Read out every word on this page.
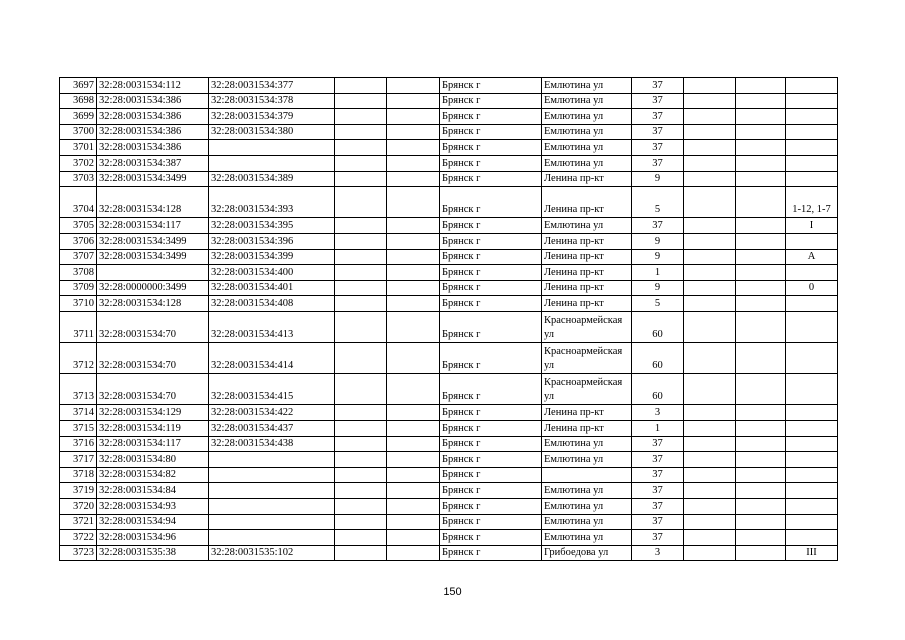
3697	32:28:0031534:112	32:28:0031534:377			Брянск г	Емлютина ул	37			
3698	32:28:0031534:386	32:28:0031534:378			Брянск г	Емлютина ул	37			
3699	32:28:0031534:386	32:28:0031534:379			Брянск г	Емлютина ул	37			
3700	32:28:0031534:386	32:28:0031534:380			Брянск г	Емлютина ул	37			
3701	32:28:0031534:386				Брянск г	Емлютина ул	37			
3702	32:28:0031534:387				Брянск г	Емлютина ул	37			
3703	32:28:0031534:3499	32:28:0031534:389			Брянск г	Ленина пр-кт	9			
3704	32:28:0031534:128	32:28:0031534:393			Брянск г	Ленина пр-кт	5			1-12, 1-7
3705	32:28:0031534:117	32:28:0031534:395			Брянск г	Емлютина ул	37			I
3706	32:28:0031534:3499	32:28:0031534:396			Брянск г	Ленина пр-кт	9			
3707	32:28:0031534:3499	32:28:0031534:399			Брянск г	Ленина пр-кт	9			А
3708		32:28:0031534:400			Брянск г	Ленина пр-кт	1			
3709	32:28:0000000:3499	32:28:0031534:401			Брянск г	Ленина пр-кт	9			0
3710	32:28:0031534:128	32:28:0031534:408			Брянск г	Ленина пр-кт	5			
3711	32:28:0031534:70	32:28:0031534:413			Брянск г	Красноармейская ул	60			
3712	32:28:0031534:70	32:28:0031534:414			Брянск г	Красноармейская ул	60			
3713	32:28:0031534:70	32:28:0031534:415			Брянск г	Красноармейская ул	60			
3714	32:28:0031534:129	32:28:0031534:422			Брянск г	Ленина пр-кт	3			
3715	32:28:0031534:119	32:28:0031534:437			Брянск г	Ленина пр-кт	1			
3716	32:28:0031534:117	32:28:0031534:438			Брянск г	Емлютина ул	37			
3717	32:28:0031534:80				Брянск г	Емлютина ул	37			
3718	32:28:0031534:82				Брянск г		37			
3719	32:28:0031534:84				Брянск г	Емлютина ул	37			
3720	32:28:0031534:93				Брянск г	Емлютина ул	37			
3721	32:28:0031534:94				Брянск г	Емлютина ул	37			
3722	32:28:0031534:96				Брянск г	Емлютина ул	37			
3723	32:28:0031535:38	32:28:0031535:102			Брянск г	Грибоедова ул	3			III
150
